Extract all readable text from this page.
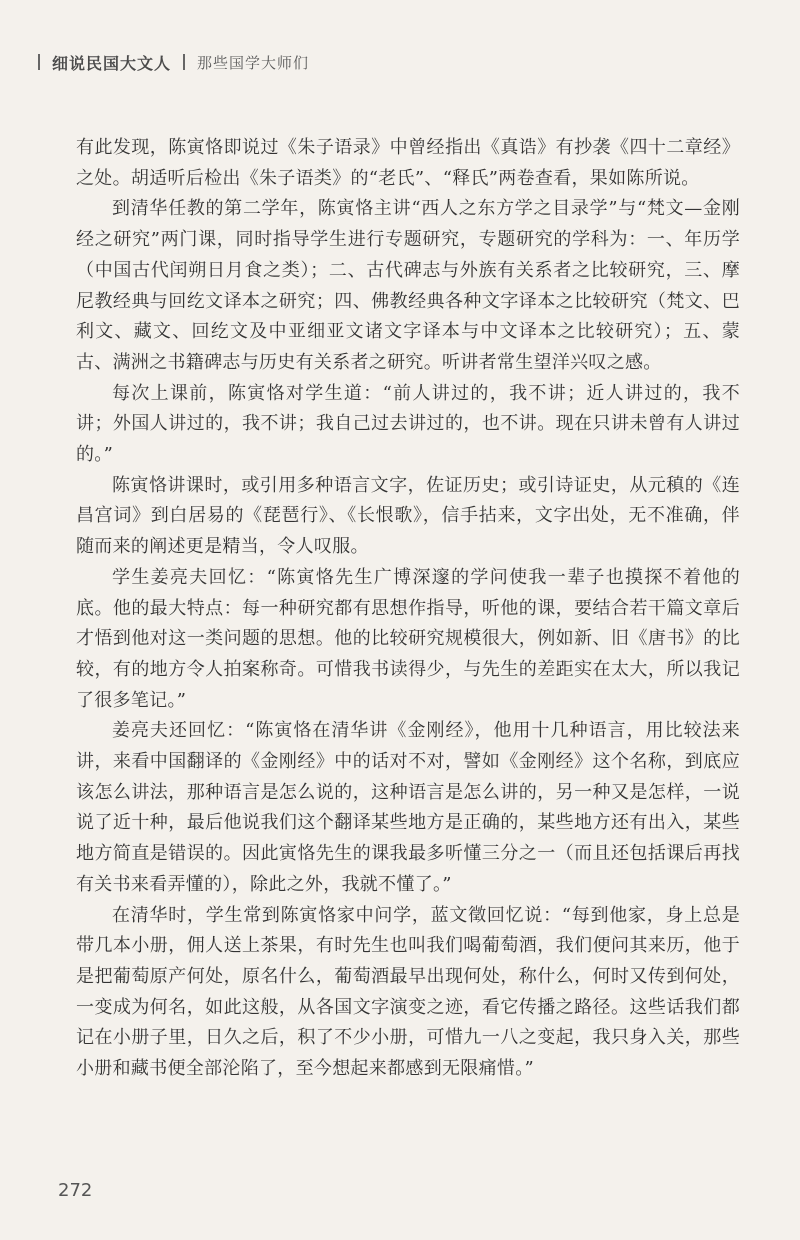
细说民国大文人 那些国学大师们

有此发现，陈寅恪即说过《朱子语录》中曾经指出《真诰》有抄袭《四十二章经》之处。胡适听后检出《朱子语类》的“老氏”、“释氏”两卷查看，果如陈所说。

到清华任教的第二学年，陈寅恪主讲“西人之东方学之目录学”与“梵文—金刚经之研究”两门课，同时指导学生进行专题研究，专题研究的学科为：一、年历学（中国古代闰朔日月食之类）；二、古代碑志与外族有关系者之比较研究，三、摩尼教经典与回纥文译本之研究；四、佛教经典各种文字译本之比较研究（梵文、巴利文、藏文、回纥文及中亚细亚文诸文字译本与中文译本之比较研究）；五、蒙古、满洲之书籍碑志与历史有关系者之研究。听讲者常生望洋兴叹之感。

每次上课前，陈寅恪对学生道：“前人讲过的，我不讲；近人讲过的，我不讲；外国人讲过的，我不讲；我自己过去讲过的，也不讲。现在只讲未曾有人讲过的。”

陈寅恪讲课时，或引用多种语言文字，佐证历史；或引诗证史，从元稹的《连昌宫词》到白居易的《琵琶行》、《长恨歌》，信手拈来，文字出处，无不准确，伴随而来的阐述更是精当，令人叹服。

学生姜亮夫回忆：“陈寅恪先生广博深邃的学问使我一辈子也摸探不着他的底。他的最大特点：每一种研究都有思想作指导，听他的课，要结合若干篇文章后才悟到他对这一类问题的思想。他的比较研究规模很大，例如新、旧《唐书》的比较，有的地方令人拍案称奇。可惜我书读得少，与先生的差距实在太大，所以我记了很多笔记。”

姜亮夫还回忆：“陈寅恪在清华讲《金刚经》，他用十几种语言，用比较法来讲，来看中国翻译的《金刚经》中的话对不对，譬如《金刚经》这个名称，到底应该怎么讲法，那种语言是怎么说的，这种语言是怎么讲的，另一种又是怎样，一说说了近十种，最后他说我们这个翻译某些地方是正确的，某些地方还有出入，某些地方简直是错误的。因此寅恪先生的课我最多听懂三分之一（而且还包括课后再找有关书来看弄懂的），除此之外，我就不懂了。”

在清华时，学生常到陈寅恪家中问学，蓝文徵回忆说：“每到他家，身上总是带几本小册，佣人送上茶果，有时先生也叫我们喝葡萄酒，我们便问其来历，他于是把葡萄原产何处，原名什么，葡萄酒最早出现何处，称什么，何时又传到何处，一变成为何名，如此这般，从各国文字演变之迹，看它传播之路径。这些话我们都记在小册子里，日久之后，积了不少小册，可惜九一八之变起，我只身入关，那些小册和藏书便全部沦陷了，至今想起来都感到无限痛惜。”

272
